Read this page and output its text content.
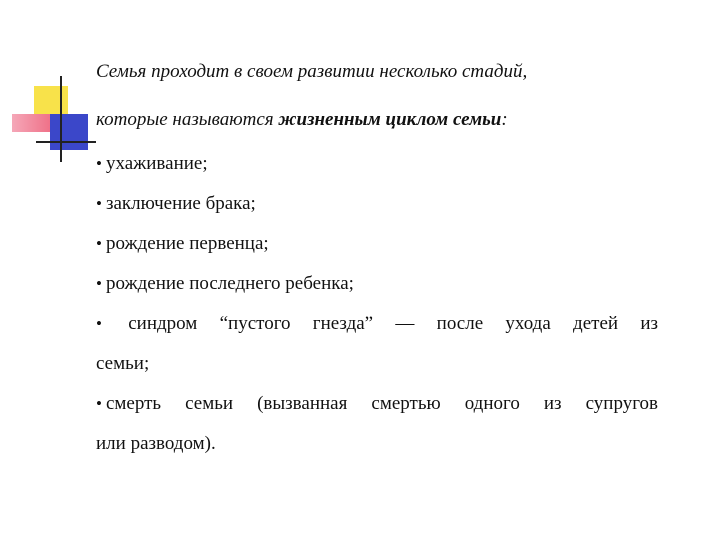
Семья проходит в своем развитии несколько стадий,
которые называются жизненным циклом семьи:

• ухаживание;
• заключение брака;
• рождение первенца;
• рождение последнего ребенка;
• синдром “пустого гнезда” — после ухода детей из
семьи;
• смерть семьи (вызванная смертью одного из супругов
или разводом).
